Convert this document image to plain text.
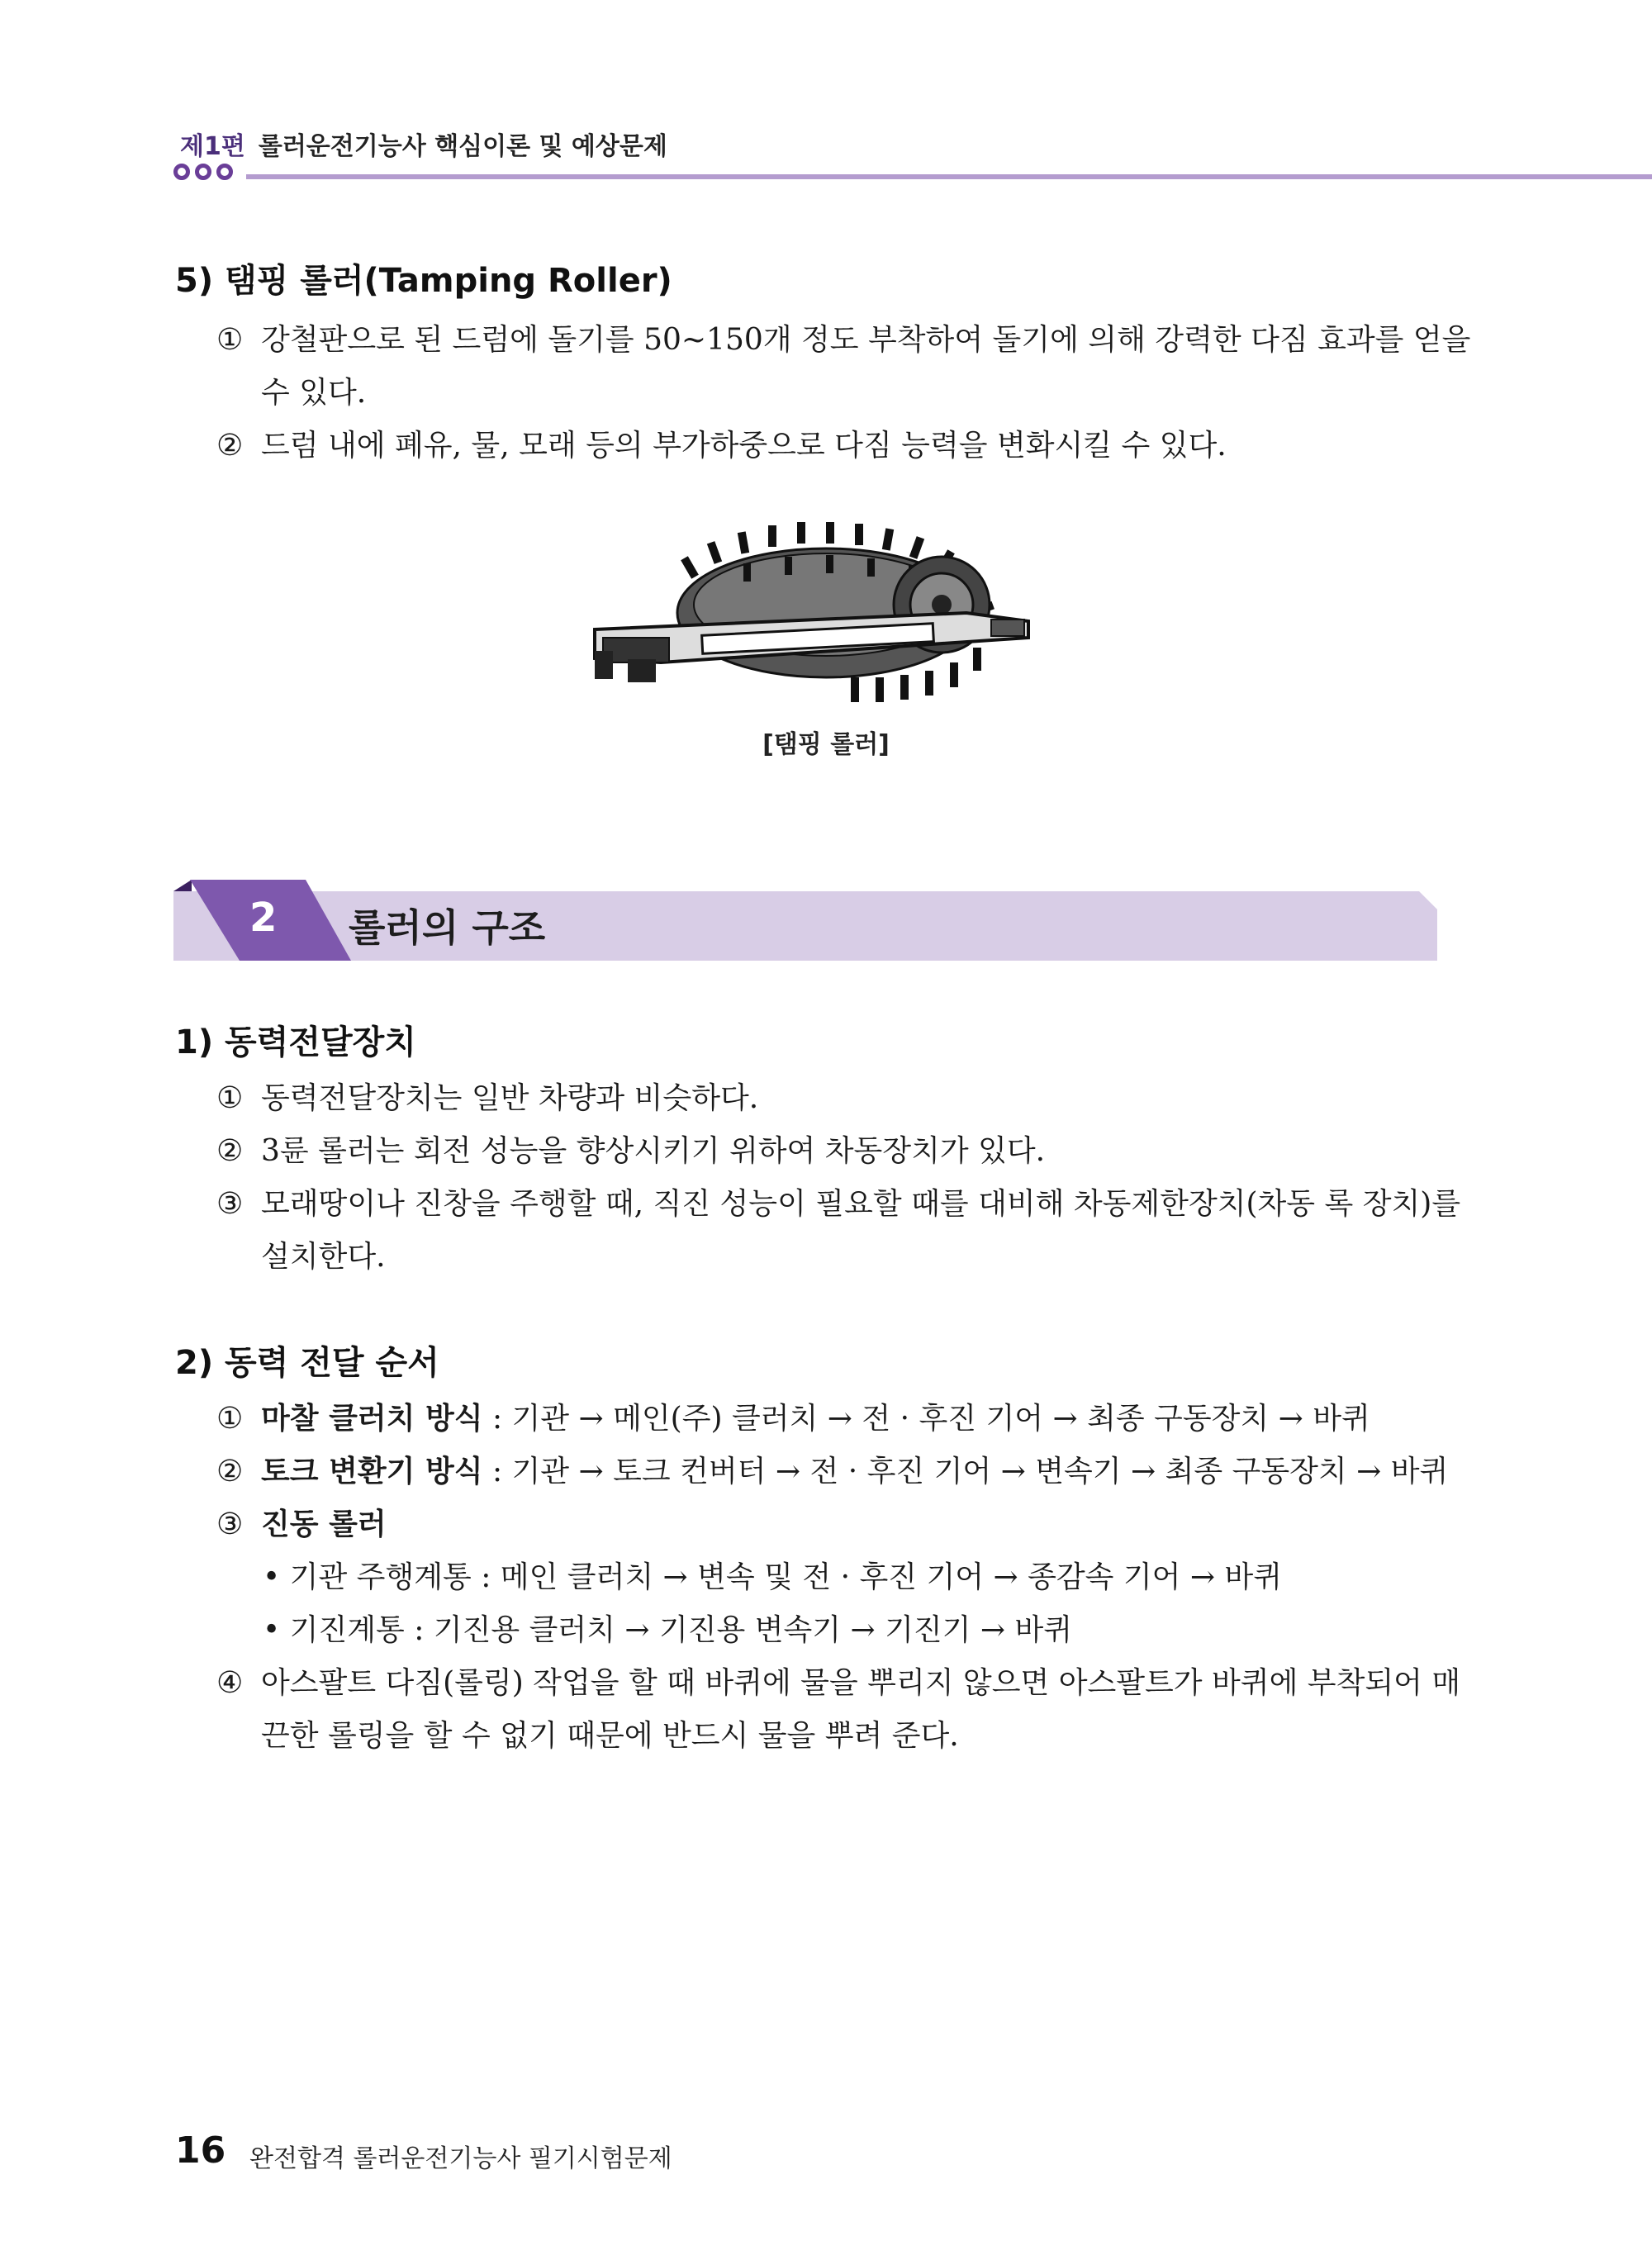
제1편 롤러운전기능사 핵심이론 및 예상문제
5) 탬핑 롤러(Tamping Roller)
① 강철판으로 된 드럼에 돌기를 50~150개 정도 부착하여 돌기에 의해 강력한 다짐 효과를 얻을
수 있다.
② 드럼 내에 폐유, 물, 모래 등의 부가하중으로 다짐 능력을 변화시킬 수 있다.
[탬핑 롤러]
2 롤러의 구조
1) 동력전달장치
① 동력전달장치는 일반 차량과 비슷하다.
② 3륜 롤러는 회전 성능을 향상시키기 위하여 차동장치가 있다.
③ 모래땅이나 진창을 주행할 때, 직진 성능이 필요할 때를 대비해 차동제한장치(차동 록 장치)를
설치한다.
2) 동력 전달 순서
① 마찰 클러치 방식 : 기관 → 메인(주) 클러치 → 전 · 후진 기어 → 최종 구동장치 → 바퀴
② 토크 변환기 방식 : 기관 → 토크 컨버터 → 전 · 후진 기어 → 변속기 → 최종 구동장치 → 바퀴
③ 진동 롤러
• 기관 주행계통 : 메인 클러치 → 변속 및 전 · 후진 기어 → 종감속 기어 → 바퀴
• 기진계통 : 기진용 클러치 → 기진용 변속기 → 기진기 → 바퀴
④ 아스팔트 다짐(롤링) 작업을 할 때 바퀴에 물을 뿌리지 않으면 아스팔트가 바퀴에 부착되어 매
끈한 롤링을 할 수 없기 때문에 반드시 물을 뿌려 준다.
16 완전합격 롤러운전기능사 필기시험문제
